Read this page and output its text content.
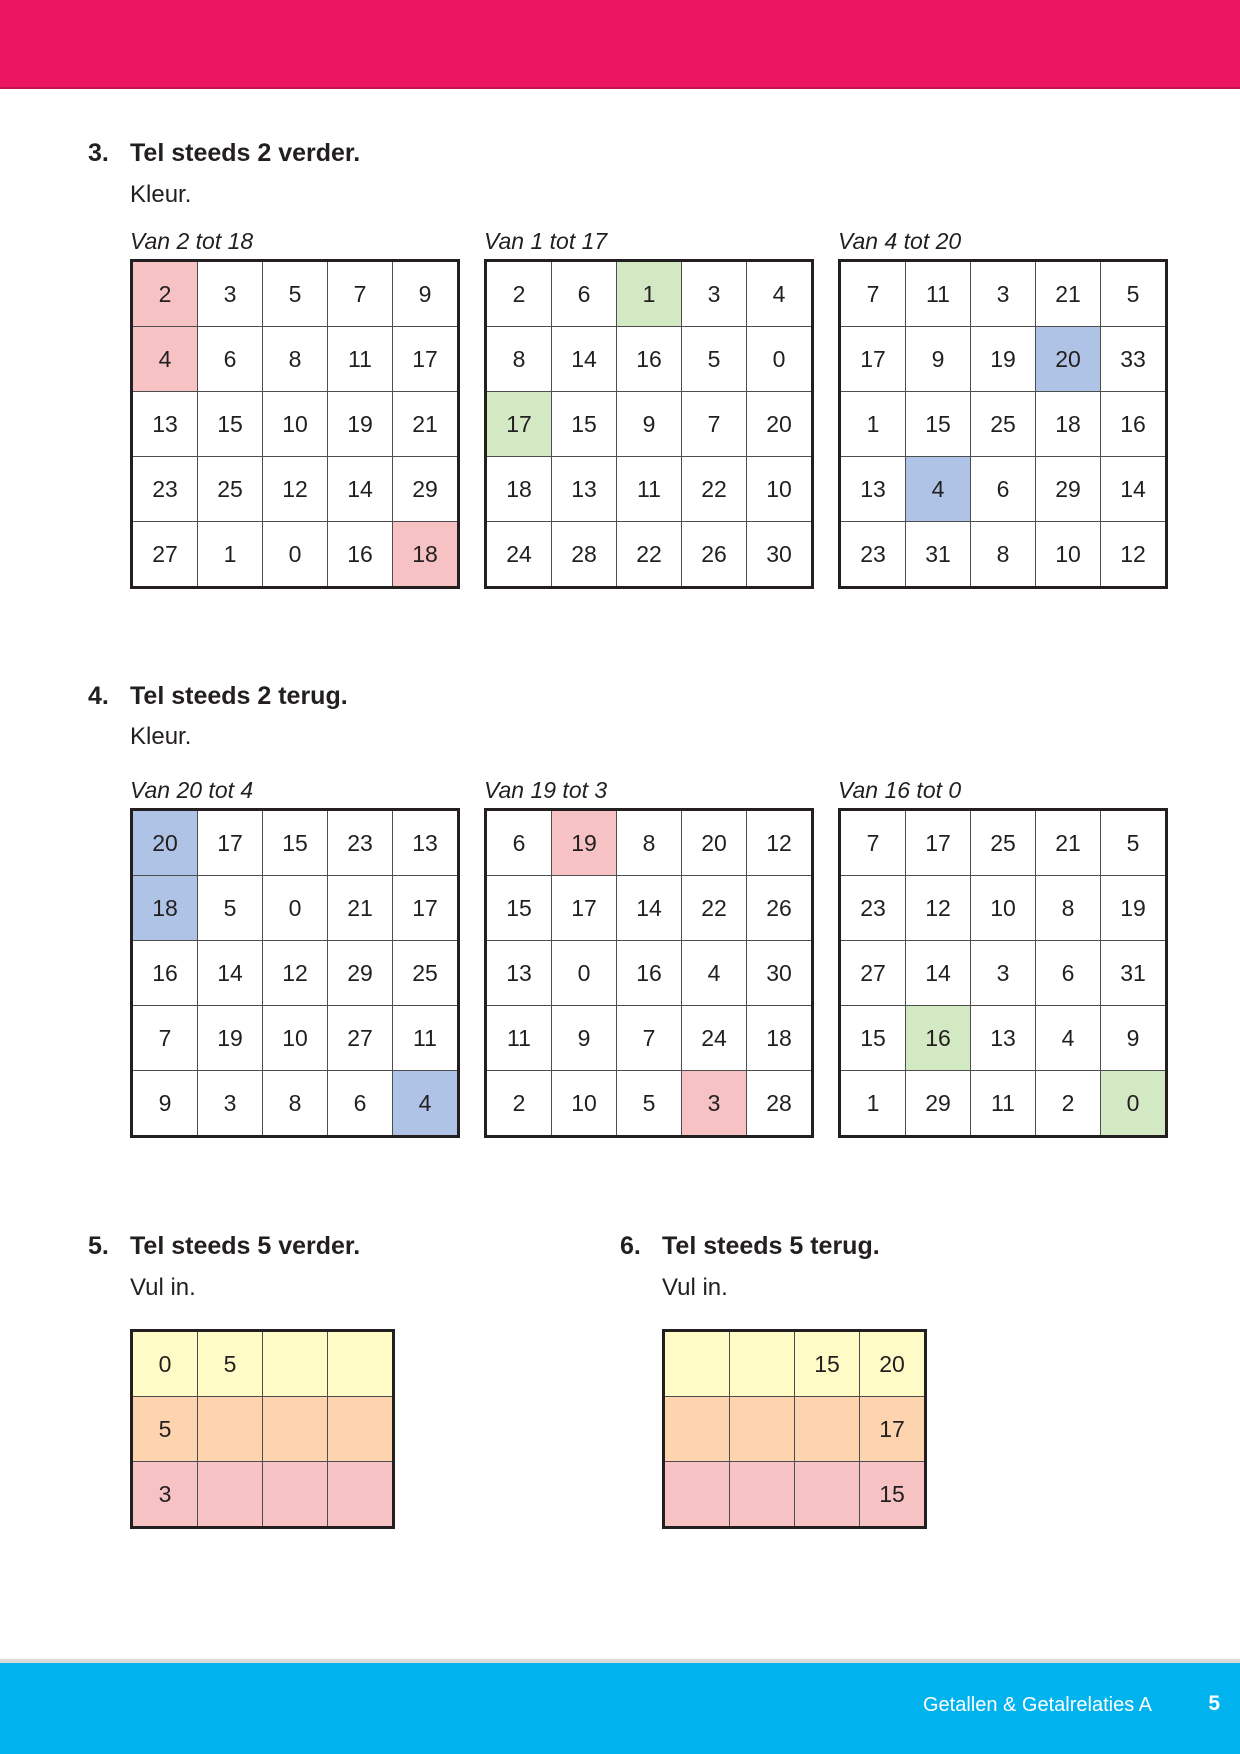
3. Tel steeds 2 verder.
Kleur.
Van 2 tot 18
2	3	5	7	9
4	6	8	11	17
13	15	10	19	21
23	25	12	14	29
27	1	0	16	18
Van 1 tot 17
2	6	1	3	4
8	14	16	5	0
17	15	9	7	20
18	13	11	22	10
24	28	22	26	30
Van 4 tot 20
7	11	3	21	5
17	9	19	20	33
1	15	25	18	16
13	4	6	29	14
23	31	8	10	12
4. Tel steeds 2 terug.
Kleur.
Van 20 tot 4
20	17	15	23	13
18	5	0	21	17
16	14	12	29	25
7	19	10	27	11
9	3	8	6	4
Van 19 tot 3
6	19	8	20	12
15	17	14	22	26
13	0	16	4	30
11	9	7	24	18
2	10	5	3	28
Van 16 tot 0
7	17	25	21	5
23	12	10	8	19
27	14	3	6	31
15	16	13	4	9
1	29	11	2	0
5. Tel steeds 5 verder.
Vul in.
0	5		
5			
3			
6. Tel steeds 5 terug.
Vul in.
		15	20
			17
			15
Getallen & Getalrelaties A	5
